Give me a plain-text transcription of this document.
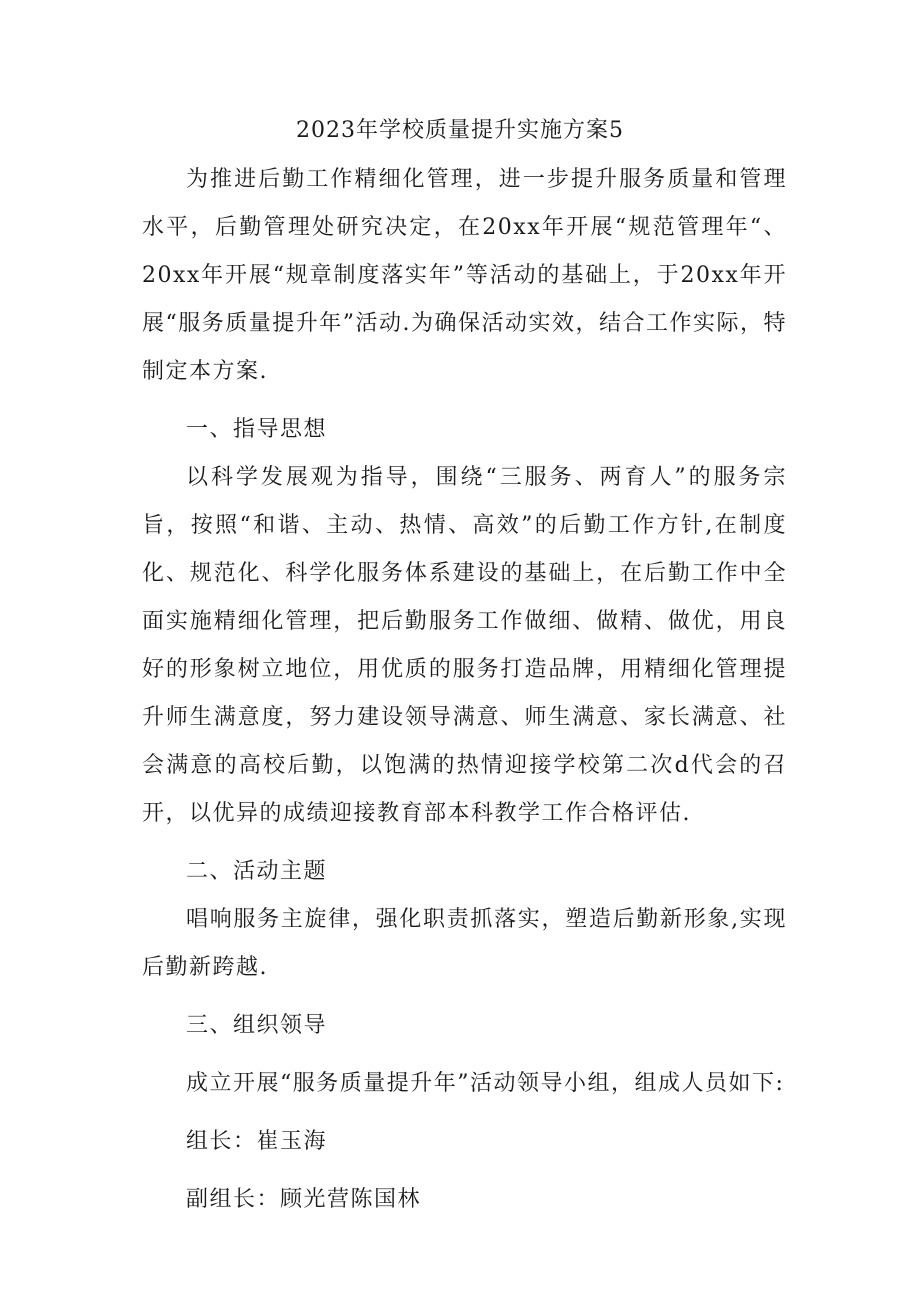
2023年学校质量提升实施方案5

为推进后勤工作精细化管理，进一步提升服务质量和管理水平，后勤管理处研究决定，在20xx年开展“规范管理年“、20xx年开展“规章制度落实年”等活动的基础上，于20xx年开展“服务质量提升年”活动.为确保活动实效，结合工作实际，特制定本方案.

一、指导思想

以科学发展观为指导，围绕“三服务、两育人”的服务宗旨，按照“和谐、主动、热情、高效”的后勤工作方针,在制度化、规范化、科学化服务体系建设的基础上，在后勤工作中全面实施精细化管理，把后勤服务工作做细、做精、做优，用良好的形象树立地位，用优质的服务打造品牌，用精细化管理提升师生满意度，努力建设领导满意、师生满意、家长满意、社会满意的高校后勤，以饱满的热情迎接学校第二次d代会的召开，以优异的成绩迎接教育部本科教学工作合格评估.

二、活动主题

唱响服务主旋律，强化职责抓落实，塑造后勤新形象,实现后勤新跨越.

三、组织领导

成立开展“服务质量提升年”活动领导小组，组成人员如下:

组长：崔玉海

副组长：顾光营陈国林
